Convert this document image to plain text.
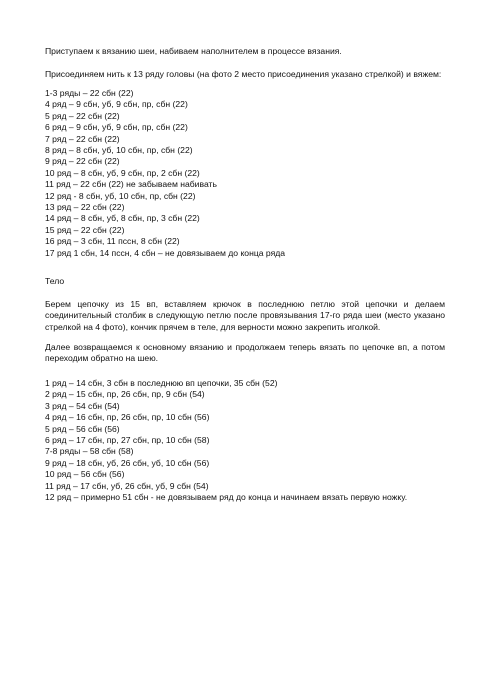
Приступаем к вязанию шеи, набиваем наполнителем в процессе вязания.

Присоединяем нить к 13 ряду головы (на фото 2 место присоединения указано стрелкой) и вяжем:

1-3 ряды – 22 сбн (22)
4 ряд – 9 сбн, уб, 9 сбн, пр, сбн (22)
5 ряд – 22 сбн (22)
6 ряд – 9 сбн, уб, 9 сбн, пр, сбн (22)
7 ряд – 22 сбн (22)
8 ряд – 8 сбн, уб, 10 сбн, пр, сбн (22)
9 ряд – 22 сбн (22)
10 ряд – 8 сбн, уб, 9 сбн, пр, 2 сбн (22)
11 ряд – 22 сбн (22) не забываем набивать
12 ряд - 8 сбн, уб, 10 сбн, пр, сбн (22)
13 ряд – 22 сбн (22)
14 ряд – 8 сбн, уб, 8 сбн, пр, 3 сбн (22)
15 ряд – 22 сбн (22)
16 ряд – 3 сбн, 11 пссн, 8 сбн (22)
17 ряд 1 сбн, 14 пссн, 4 сбн – не довязываем до конца ряда
Тело

Берем цепочку из 15 вп, вставляем крючок в последнюю петлю этой цепочки и делаем соединительный столбик в следующую петлю после провязывания 17-го ряда шеи (место указано стрелкой на 4 фото), кончик прячем в теле, для верности можно закрепить иголкой.

Далее возвращаемся к основному вязанию и продолжаем теперь вязать по цепочке вп, а потом переходим обратно на шею.

1 ряд – 14 сбн, 3 сбн в последнюю вп цепочки, 35 сбн (52)
2 ряд – 15 сбн, пр, 26 сбн, пр, 9 сбн (54)
3 ряд – 54 сбн (54)
4 ряд – 16 сбн, пр, 26 сбн, пр, 10 сбн (56)
5 ряд – 56 сбн (56)
6 ряд – 17 сбн, пр, 27 сбн, пр, 10 сбн (58)
7-8 ряды – 58 сбн (58)
9 ряд – 18 сбн, уб, 26 сбн, уб, 10 сбн (56)
10 ряд – 56 сбн (56)
11 ряд – 17 сбн, уб, 26 сбн, уб, 9 сбн (54)
12 ряд – примерно 51 сбн - не довязываем ряд до конца и начинаем вязать первую ножку.
